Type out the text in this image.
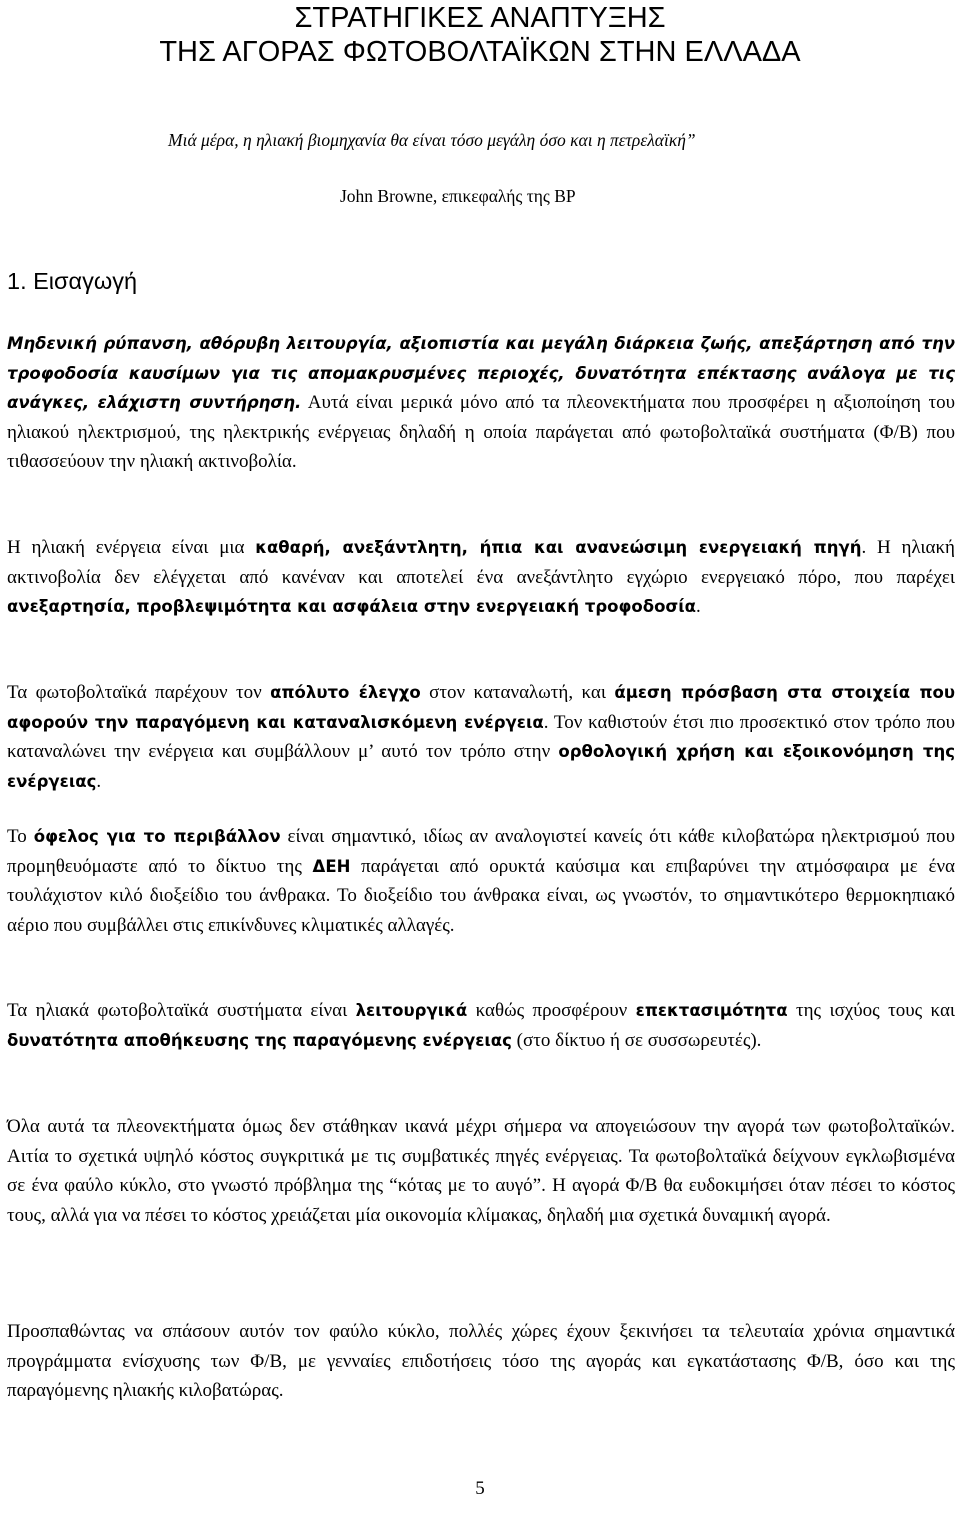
ΣΤΡΑΤΗΓΙΚΕΣ ΑΝΑΠΤΥΞΗΣ
ΤΗΣ ΑΓΟΡΑΣ ΦΩΤΟΒΟΛΤΑΪΚΩΝ ΣΤΗΝ ΕΛΛΑΔΑ
Μιά μέρα, η ηλιακή βιομηχανία θα είναι τόσο μεγάλη όσο και η πετρελαϊκή”
John Browne, επικεφαλής της BP
1. Εισαγωγή

Μηδενική ρύπανση, αθόρυβη λειτουργία, αξιοπιστία και μεγάλη διάρκεια ζωής, απεξάρτηση από την τροφοδοσία καυσίμων για τις απομακρυσμένες περιοχές, δυνατότητα επέκτασης ανάλογα με τις ανάγκες, ελάχιστη συντήρηση. Αυτά είναι μερικά μόνο από τα πλεονεκτήματα που προσφέρει η αξιοποίηση του ηλιακού ηλεκτρισμού, της ηλεκτρικής ενέργειας δηλαδή η οποία παράγεται από φωτοβολταϊκά συστήματα (Φ/Β) που τιθασσεύουν την ηλιακή ακτινοβολία.

Η ηλιακή ενέργεια είναι μια καθαρή, ανεξάντλητη, ήπια και ανανεώσιμη ενεργειακή πηγή. Η ηλιακή ακτινοβολία δεν ελέγχεται από κανέναν και αποτελεί ένα ανεξάντλητο εγχώριο ενεργειακό πόρο, που παρέχει ανεξαρτησία, προβλεψιμότητα και ασφάλεια στην ενεργειακή τροφοδοσία.

Τα φωτοβολταϊκά παρέχουν τον απόλυτο έλεγχο στον καταναλωτή, και άμεση πρόσβαση στα στοιχεία που αφορούν την παραγόμενη και καταναλισκόμενη ενέργεια. Τον καθιστούν έτσι πιο προσεκτικό στον τρόπο που καταναλώνει την ενέργεια και συμβάλλουν μ’ αυτό τον τρόπο στην ορθολογική χρήση και εξοικονόμηση της ενέργειας.

Το όφελος για το περιβάλλον είναι σημαντικό, ιδίως αν αναλογιστεί κανείς ότι κάθε κιλοβατώρα ηλεκτρισμού που προμηθευόμαστε από το δίκτυο της ΔΕΗ παράγεται από ορυκτά καύσιμα και επιβαρύνει την ατμόσφαιρα με ένα τουλάχιστον κιλό διοξείδιο του άνθρακα. Το διοξείδιο του άνθρακα είναι, ως γνωστόν, το σημαντικότερο θερμοκηπιακό αέριο που συμβάλλει στις επικίνδυνες κλιματικές αλλαγές.

Τα ηλιακά φωτοβολταϊκά συστήματα είναι λειτουργικά καθώς προσφέρουν επεκτασιμότητα της ισχύος τους και δυνατότητα αποθήκευσης της παραγόμενης ενέργειας (στο δίκτυο ή σε συσσωρευτές).

Όλα αυτά τα πλεονεκτήματα όμως δεν στάθηκαν ικανά μέχρι σήμερα να απογειώσουν την αγορά των φωτοβολταϊκών. Αιτία το σχετικά υψηλό κόστος συγκριτικά με τις συμβατικές πηγές ενέργειας. Τα φωτοβολταϊκά δείχνουν εγκλωβισμένα σε ένα φαύλο κύκλο, στο γνωστό πρόβλημα της “κότας με το αυγό”. Η αγορά Φ/Β θα ευδοκιμήσει όταν πέσει το κόστος τους, αλλά για να πέσει το κόστος χρειάζεται μία οικονομία κλίμακας, δηλαδή μια σχετικά δυναμική αγορά.

Προσπαθώντας να σπάσουν αυτόν τον φαύλο κύκλο, πολλές χώρες έχουν ξεκινήσει τα τελευταία χρόνια σημαντικά προγράμματα ενίσχυσης των Φ/Β, με γενναίες επιδοτήσεις τόσο της αγοράς και εγκατάστασης Φ/Β, όσο και της παραγόμενης ηλιακής κιλοβατώρας.

5
